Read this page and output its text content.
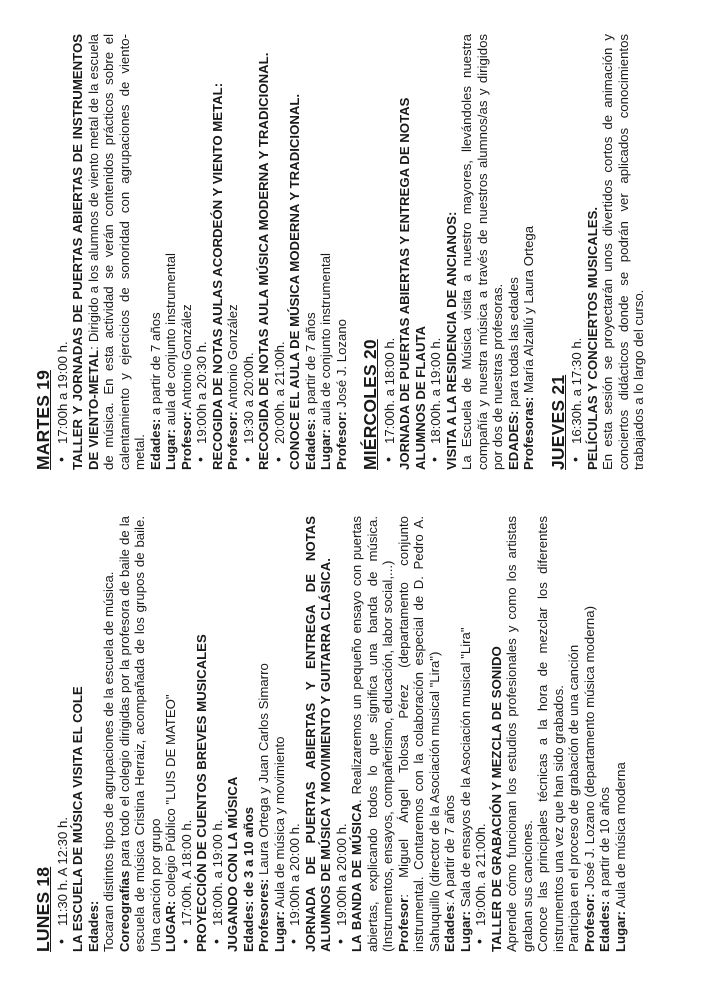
LUNES 18 • 11:30 h. A 12:30 h. LA ESCUELA DE MÚSICA VISITA EL COLE Edades: Tocaran distintos tipos de agrupaciones de la escuela de música. Coreografías para todo el colegio dirigidas por la profesora de baile de la escuela de música Cristina Herraiz, acompañada de los grupos de baile. Una canción por grupo LUGAR: colegio Público "LUIS DE MATEO" • 17:00h. A 18:00 h. PROYECCIÓN DE CUENTOS BREVES MUSICALES • 18:00h. a 19:00 h. JUGANDO CON LA MÚSICA Edades: de 3 a 10 años Profesores: Laura Ortega y Juan Carlos Simarro
Lugar: Aula de música y movimiento • 19:00h a 20:00 h. JORNADA DE PUERTAS ABIERTAS Y ENTREGA DE NOTAS ALUMNOS DE MÚSICA Y MOVIMIENTO Y GUITARRA CLÁSICA. • 19:00h a 20:00 h. LA BANDA DE MÚSICA. Realizaremos un pequeño ensayo con puertas abiertas, explicando todos lo que significa una banda de música. (Instrumentos, ensayos, compañerismo, educación, labor social,...) Profesor: Miguel Ángel Tolosa Pérez (departamento conjunto instrumental. Contaremos con la colaboración especial de D. Pedro A. Sahuquillo (director de la Asociación musical "Lira") Edades: A partir de 7 años
Lugar: Sala de ensayos de la Asociación musical "Lira" • 19:00h. a 21:00h. TALLER DE GRABACIÓN Y MEZCLA DE SONIDO Aprende cómo funcionan los estudios profesionales y como los artistas graban sus canciones. Conoce las principales técnicas a la hora de mezclar los diferentes instrumentos una vez que han sido grabados. Participa en el proceso de grabación de una canción Profesor: José J. Lozano (departamento música moderna)
Edades: a partir de 10 años
Lugar: Aula de música moderna
MARTES 19 • 17:00h a 19:00 h. TALLER Y JORNADAS DE PUERTAS ABIERTAS DE INSTRUMENTOS DE VIENTO-METAL: Dirigido a los alumnos de viento metal de la escuela de música. En esta actividad se verán contenidos prácticos sobre el calentamiento y ejercicios de sonoridad con agrupaciones de viento-metal. Edades: a partir de 7 años
Lugar: aula de conjunto instrumental
Profesor: Antonio González • 19:00h a 20:30 h. RECOGIDA DE NOTAS AULAS ACORDEÓN Y VIENTO METAL: Profesor: Antonio González • 19:30 a 20:00h. RECOGIDA DE NOTAS AULA MÚSICA MODERNA Y TRADICIONAL. • 20:00h. a 21:00h. CONOCE EL AULA DE MÚSICA MODERNA Y TRADICIONAL. Edades: a partir de 7 años
Lugar: aula de conjunto instrumental
Profesor: José J. Lozano MIÉRCOLES 20 • 17:00h. a 18:00 h. JORNADA DE PUERTAS ABIERTAS Y ENTREGA DE NOTAS ALUMNOS DE FLAUTA • 18:00h. a 19:00 h. VISITA A LA RESIDENCIA DE ANCIANOS: La Escuela de Música visita a nuestro mayores, llevándoles nuestra compañía y nuestra música a través de nuestros alumnos/as y dirigidos por dos de nuestras profesoras. EDADES: para todas las edades
Profesoras: María Alzallú y Laura Ortega
JUEVES 21 • 16:30h. a 17:30 h. PELÍCULAS Y CONCIERTOS MUSICALES. En esta sesión se proyectarán unos divertidos cortos de animación y conciertos didácticos donde se podrán ver aplicados conocimientos trabajados a lo largo del curso.
